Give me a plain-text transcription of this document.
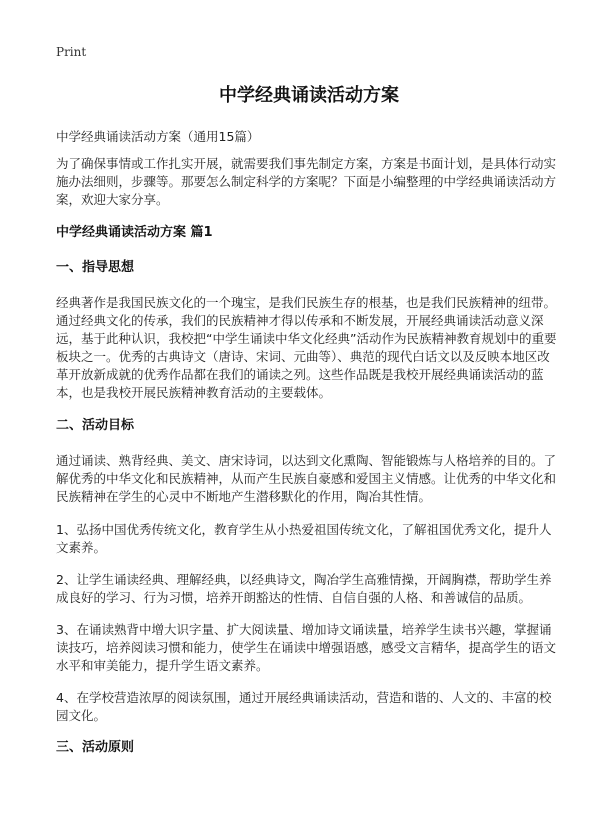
Print
中学经典诵读活动方案
中学经典诵读活动方案（通用15篇）
为了确保事情或工作扎实开展，就需要我们事先制定方案，方案是书面计划，是具体行动实施办法细则，步骤等。那要怎么制定科学的方案呢？下面是小编整理的中学经典诵读活动方案，欢迎大家分享。
中学经典诵读活动方案 篇1
一、指导思想
经典著作是我国民族文化的一个瑰宝，是我们民族生存的根基，也是我们民族精神的纽带。通过经典文化的传承，我们的民族精神才得以传承和不断发展，开展经典诵读活动意义深远，基于此种认识，我校把“中学生诵读中华文化经典”活动作为民族精神教育规划中的重要板块之一。优秀的古典诗文（唐诗、宋词、元曲等）、典范的现代白话文以及反映本地区改革开放新成就的优秀作品都在我们的诵读之列。这些作品既是我校开展经典诵读活动的蓝本，也是我校开展民族精神教育活动的主要载体。
二、活动目标
通过诵读、熟背经典、美文、唐宋诗词，以达到文化熏陶、智能锻炼与人格培养的目的。了解优秀的中华文化和民族精神，从而产生民族自豪感和爱国主义情感。让优秀的中华文化和民族精神在学生的心灵中不断地产生潜移默化的作用，陶冶其性情。
1、弘扬中国优秀传统文化，教育学生从小热爱祖国传统文化，了解祖国优秀文化，提升人文素养。
2、让学生诵读经典、理解经典，以经典诗文，陶冶学生高雅情操，开阔胸襟，帮助学生养成良好的学习、行为习惯，培养开朗豁达的性情、自信自强的人格、和善诚信的品质。
3、在诵读熟背中增大识字量、扩大阅读量、增加诗文诵读量，培养学生读书兴趣，掌握诵读技巧，培养阅读习惯和能力，使学生在诵读中增强语感，感受文言精华，提高学生的语文水平和审美能力，提升学生语文素养。
4、在学校营造浓厚的阅读氛围，通过开展经典诵读活动，营造和谐的、人文的、丰富的校园文化。
三、活动原则
